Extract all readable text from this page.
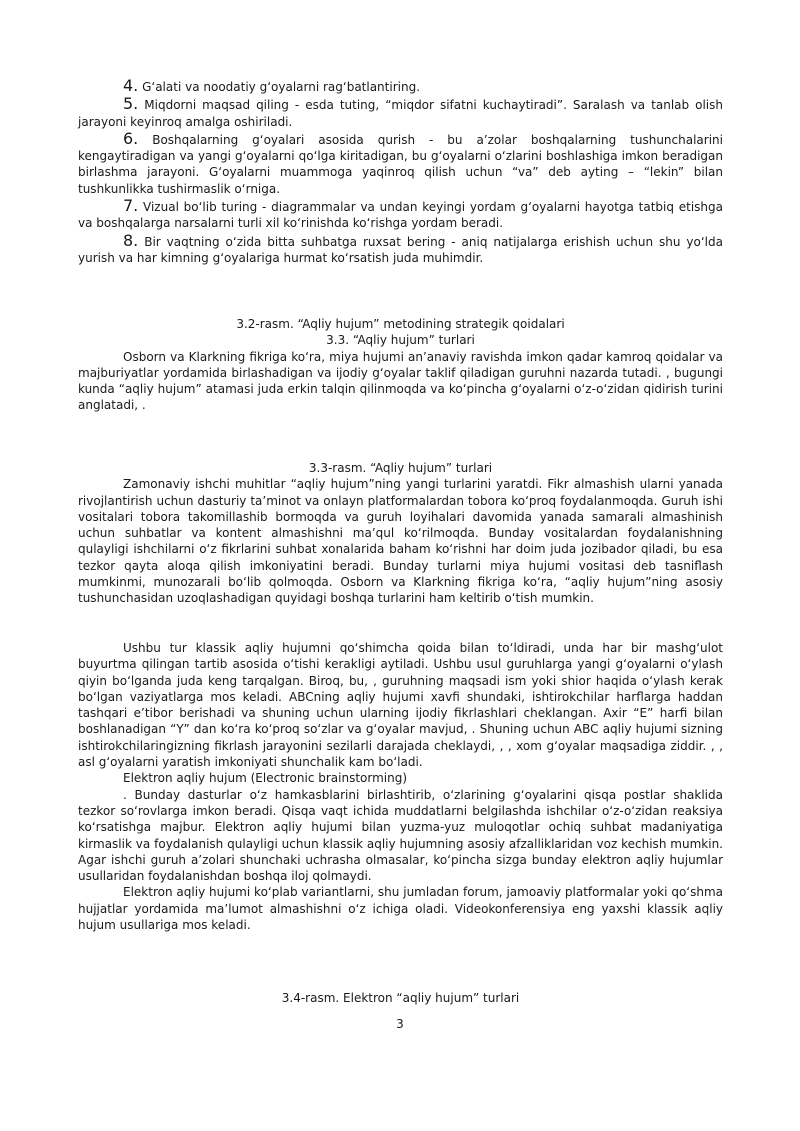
4. G‘alati va noodatiy g‘oyalarni rag‘batlantiring.

5. Miqdorni maqsad qiling - esda tuting, “miqdor sifatni kuchaytiradi”. Saralash va tanlab olish jarayoni keyinroq amalga oshiriladi.

6. Boshqalarning g‘oyalari asosida qurish - bu a’zolar boshqalarning tushunchalarini kengaytiradigan va yangi g‘oyalarni qo‘lga kiritadigan, bu g‘oyalarni o‘zlarini boshlashiga imkon beradigan birlashma jarayoni. G‘oyalarni muammoga yaqinroq qilish uchun “va” deb ayting – “lekin” bilan tushkunlikka tushirmaslik o‘rniga.

7. Vizual bo‘lib turing - diagrammalar va undan keyingi yordam g‘oyalarni hayotga tatbiq etishga va boshqalarga narsalarni turli xil ko‘rinishda ko‘rishga yordam beradi.

8. Bir vaqtning o‘zida bitta suhbatga ruxsat bering - aniq natijalarga erishish uchun shu yo‘lda yurish va har kimning g‘oyalariga hurmat ko‘rsatish juda muhimdir.

3.2-rasm. “Aqliy hujum” metodining strategik qoidalari

3.3. “Aqliy hujum” turlari

Osborn va Klarkning fikriga ko‘ra, miya hujumi an’anaviy ravishda imkon qadar kamroq qoidalar va majburiyatlar yordamida birlashadigan va ijodiy g‘oyalar taklif qiladigan guruhni nazarda tutadi. , bugungi kunda “aqliy hujum” atamasi juda erkin talqin qilinmoqda va ko‘pincha g‘oyalarni o‘z-o‘zidan qidirish turini anglatadi, .

3.3-rasm. “Aqliy hujum” turlari

Zamonaviy ishchi muhitlar “aqliy hujum”ning yangi turlarini yaratdi. Fikr almashish ularni yanada rivojlantirish uchun dasturiy ta’minot va onlayn platformalardan tobora ko‘proq foydalanmoqda. Guruh ishi vositalari tobora takomillashib bormoqda va guruh loyihalari davomida yanada samarali almashinish uchun suhbatlar va kontent almashishni ma’qul ko‘rilmoqda. Bunday vositalardan foydalanishning qulayligi ishchilarni o‘z fikrlarini suhbat xonalarida baham ko‘rishni har doim juda jozibador qiladi, bu esa tezkor qayta aloqa qilish imkoniyatini beradi. Bunday turlarni miya hujumi vositasi deb tasniflash mumkinmi, munozarali bo‘lib qolmoqda. Osborn va Klarkning fikriga ko‘ra, “aqliy hujum”ning asosiy tushunchasidan uzoqlashadigan quyidagi boshqa turlarini ham keltirib o‘tish mumkin.

Ushbu tur klassik aqliy hujumni qo‘shimcha qoida bilan to‘ldiradi, unda har bir mashg‘ulot buyurtma qilingan tartib asosida o‘tishi kerakligi aytiladi. Ushbu usul guruhlarga yangi g‘oyalarni o‘ylash qiyin bo‘lganda juda keng tarqalgan. Biroq, bu, , guruhning maqsadi ism yoki shior haqida o‘ylash kerak bo‘lgan vaziyatlarga mos keladi. ABCning aqliy hujumi xavfi shundaki, ishtirokchilar harflarga haddan tashqari e’tibor berishadi va shuning uchun ularning ijodiy fikrlashlari cheklangan. Axir “E” harfi bilan boshlanadigan “Y” dan ko‘ra ko‘proq so‘zlar va g‘oyalar mavjud, . Shuning uchun ABC aqliy hujumi sizning ishtirokchilaringizning fikrlash jarayonini sezilarli darajada cheklaydi, , , xom g‘oyalar maqsadiga ziddir. , , asl g‘oyalarni yaratish imkoniyati shunchalik kam bo‘ladi.

Elektron aqliy hujum (Electronic brainstorming)

. Bunday dasturlar o‘z hamkasblarini birlashtirib, o‘zlarining g‘oyalarini qisqa postlar shaklida tezkor so‘rovlarga imkon beradi. Qisqa vaqt ichida muddatlarni belgilashda ishchilar o‘z-o‘zidan reaksiya ko‘rsatishga majbur. Elektron aqliy hujumi bilan yuzma-yuz muloqotlar ochiq suhbat madaniyatiga kirmaslik va foydalanish qulayligi uchun klassik aqliy hujumning asosiy afzalliklaridan voz kechish mumkin. Agar ishchi guruh a’zolari shunchaki uchrasha olmasalar, ko‘pincha sizga bunday elektron aqliy hujumlar usullaridan foydalanishdan boshqa iloj qolmaydi.

Elektron aqliy hujumi ko‘plab variantlarni, shu jumladan forum, jamoaviy platformalar yoki qo‘shma hujjatlar yordamida ma’lumot almashishni o‘z ichiga oladi. Videokonferensiya eng yaxshi klassik aqliy hujum usullariga mos keladi.

3.4-rasm. Elektron “aqliy hujum” turlari

3
